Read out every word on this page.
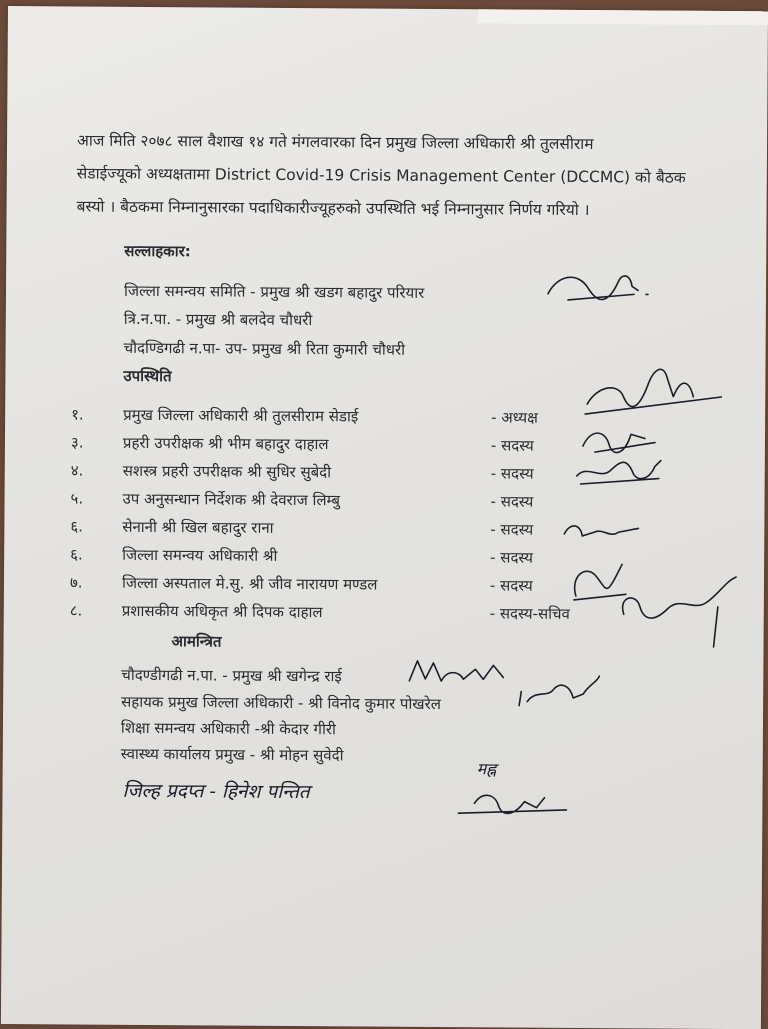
आज मिति २०७८ साल वैशाख १४ गते मंगलवारका दिन प्रमुख जिल्ला अधिकारी श्री तुलसीराम
सेडाईज्यूको अध्यक्षतामा District Covid-19 Crisis Management Center (DCCMC) को बैठक
बस्यो । बैठकमा निम्नानुसारका पदाधिकारीज्यूहरुको उपस्थिति भई निम्नानुसार निर्णय गरियो ।
सल्लाहकार:
जिल्ला समन्वय समिति - प्रमुख श्री खडग बहादुर परियार
त्रि.न.पा. - प्रमुख श्री बलदेव चौधरी
चौदण्डिगढी न.पा- उप- प्रमुख श्री रिता कुमारी चौधरी
उपस्थिति
१.	प्रमुख जिल्ला अधिकारी श्री तुलसीराम सेडाई	- अध्यक्ष
३.	प्रहरी उपरीक्षक श्री भीम बहादुर दाहाल	- सदस्य
४.	सशस्त्र प्रहरी उपरीक्षक श्री सुधिर सुबेदी	- सदस्य
५.	उप अनुसन्धान निर्देशक श्री देवराज लिम्बु	- सदस्य
६.	सेनानी श्री खिल बहादुर राना	- सदस्य
६.	जिल्ला समन्वय अधिकारी श्री	- सदस्य
७.	जिल्ला अस्पताल मे.सु. श्री जीव नारायण मण्डल	- सदस्य
८.	प्रशासकीय अधिकृत श्री दिपक दाहाल	- सदस्य-सचिव
आमन्त्रित
चौदण्डीगढी न.पा. - प्रमुख श्री खगेन्द्र राई
सहायक प्रमुख जिल्ला अधिकारी - श्री विनोद कुमार पोखरेल
शिक्षा समन्वय अधिकारी -श्री केदार गीरी
स्वास्थ्य कार्यालय प्रमुख - श्री मोहन सुवेदी
जिल्ह प्रदप्त - हिनेश पन्तित
मह्न
